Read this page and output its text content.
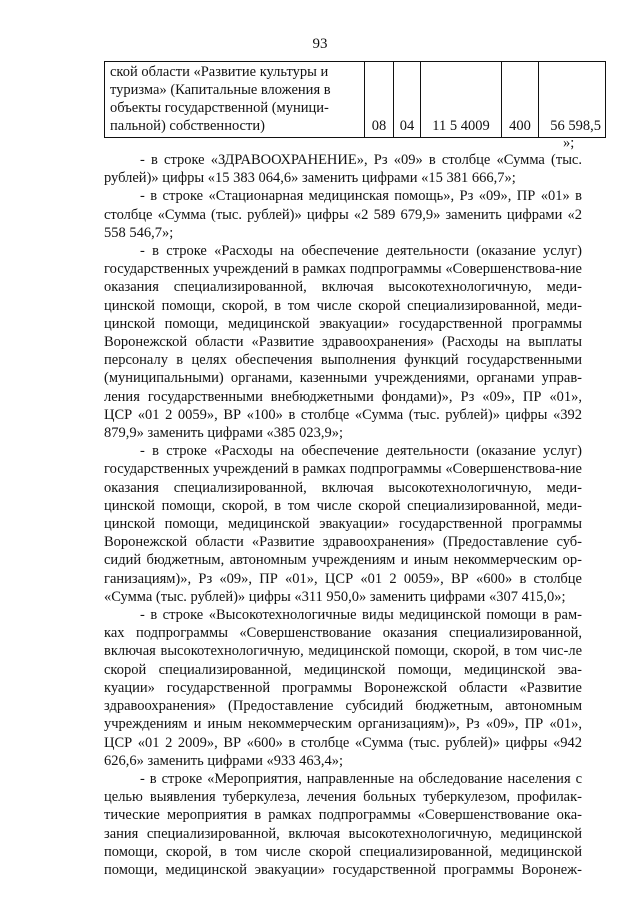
93
ской области «Развитие культуры и туризма» (Капитальные вложения в объекты государственной (муници-пальной) собственности)	08	04	11 5 4009	400	56 598,5
»;

- в строке «ЗДРАВООХРАНЕНИЕ», Рз «09» в столбце «Сумма (тыс. рублей)» цифры «15 383 064,6» заменить цифрами «15 381 666,7»;

- в строке «Стационарная медицинская помощь», Рз «09», ПР «01» в столбце «Сумма (тыс. рублей)» цифры «2 589 679,9» заменить цифрами «2 558 546,7»;

- в строке «Расходы на обеспечение деятельности (оказание услуг) государственных учреждений в рамках подпрограммы «Совершенствова-ние оказания специализированной, включая высокотехнологичную, меди-цинской помощи, скорой, в том числе скорой специализированной, меди-цинской помощи, медицинской эвакуации» государственной программы Воронежской области «Развитие здравоохранения» (Расходы на выплаты персоналу в целях обеспечения выполнения функций государственными (муниципальными) органами, казенными учреждениями, органами управ-ления государственными внебюджетными фондами)», Рз «09», ПР «01», ЦСР «01 2 0059», ВР «100» в столбце «Сумма (тыс. рублей)» цифры «392 879,9» заменить цифрами «385 023,9»;

- в строке «Расходы на обеспечение деятельности (оказание услуг) государственных учреждений в рамках подпрограммы «Совершенствова-ние оказания специализированной, включая высокотехнологичную, меди-цинской помощи, скорой, в том числе скорой специализированной, меди-цинской помощи, медицинской эвакуации» государственной программы Воронежской области «Развитие здравоохранения» (Предоставление суб-сидий бюджетным, автономным учреждениям и иным некоммерческим ор-ганизациям)», Рз «09», ПР «01», ЦСР «01 2 0059», ВР «600» в столбце «Сумма (тыс. рублей)» цифры «311 950,0» заменить цифрами «307 415,0»;

- в строке «Высокотехнологичные виды медицинской помощи в рам-ках подпрограммы «Совершенствование оказания специализированной, включая высокотехнологичную, медицинской помощи, скорой, в том чис-ле скорой специализированной, медицинской помощи, медицинской эва-куации» государственной программы Воронежской области «Развитие здравоохранения» (Предоставление субсидий бюджетным, автономным учреждениям и иным некоммерческим организациям)», Рз «09», ПР «01», ЦСР «01 2 2009», ВР «600» в столбце «Сумма (тыс. рублей)» цифры «942 626,6» заменить цифрами «933 463,4»;

- в строке «Мероприятия, направленные на обследование населения с целью выявления туберкулеза, лечения больных туберкулезом, профилак-тические мероприятия в рамках подпрограммы «Совершенствование ока-зания специализированной, включая высокотехнологичную, медицинской помощи, скорой, в том числе скорой специализированной, медицинской помощи, медицинской эвакуации» государственной программы Воронеж-
